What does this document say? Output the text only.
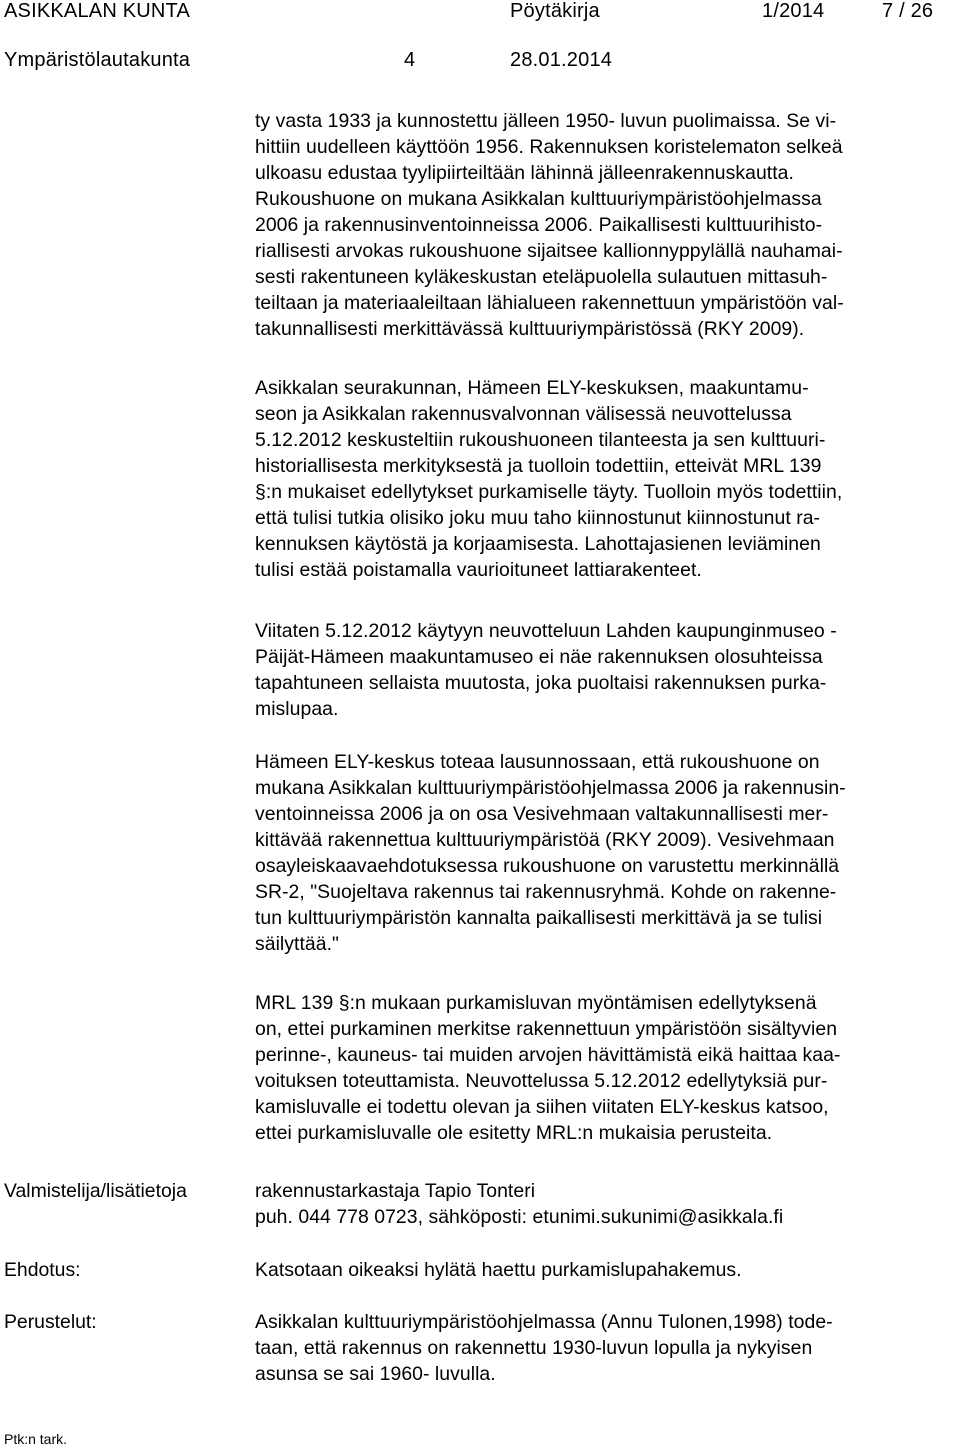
ASIKKALAN KUNTA	Pöytäkirja	1/2014	7 / 26
Ympäristölautakunta	4	28.01.2014
ty vasta 1933 ja kunnostettu jälleen 1950- luvun puolimaissa. Se vi-
hittiin uudelleen käyttöön 1956. Rakennuksen koristelematon selkeä
ulkoasu edustaa tyylipiirteiltään lähinnä jälleenrakennuskautta.
Rukoushuone on mukana Asikkalan kulttuuriympäristöohjelmassa
2006 ja rakennusinventoinneissa 2006. Paikallisesti kulttuurihisto-
riallisesti arvokas rukoushuone sijaitsee kallionnyppylällä nauhamai-
sesti rakentuneen kyläkeskustan eteläpuolella sulautuen mittasuh-
teiltaan ja materiaaleiltaan lähialueen rakennettuun ympäristöön val-
takunnallisesti merkittävässä kulttuuriympäristössä (RKY 2009).
Asikkalan seurakunnan, Hämeen ELY-keskuksen, maakuntamu-
seon ja Asikkalan rakennusvalvonnan välisessä neuvottelussa
5.12.2012 keskusteltiin rukoushuoneen tilanteesta ja sen kulttuuri-
historiallisesta merkityksestä ja tuolloin todettiin, etteivät MRL 139
§:n mukaiset edellytykset purkamiselle täyty. Tuolloin myös todettiin,
että tulisi tutkia olisiko joku muu taho kiinnostunut kiinnostunut ra-
kennuksen käytöstä ja korjaamisesta. Lahottajasienen leviäminen
tulisi estää poistamalla vaurioituneet lattiarakenteet.
Viitaten 5.12.2012 käytyyn neuvotteluun Lahden kaupunginmuseo -
Päijät-Hämeen maakuntamuseo ei näe rakennuksen olosuhteissa
tapahtuneen sellaista muutosta, joka puoltaisi rakennuksen purka-
mislupaa.
Hämeen ELY-keskus toteaa lausunnossaan, että rukoushuone on
mukana Asikkalan kulttuuriympäristöohjelmassa 2006 ja rakennusin-
ventoinneissa 2006 ja on osa Vesivehmaan valtakunnallisesti mer-
kittävää rakennettua kulttuuriympäristöä (RKY 2009). Vesivehmaan
osayleiskaavaehdotuksessa rukoushuone on varustettu merkinnällä
SR-2, "Suojeltava rakennus tai rakennusryhmä. Kohde on rakenne-
tun kulttuuriympäristön kannalta paikallisesti merkittävä ja se tulisi
säilyttää."
MRL 139 §:n mukaan purkamisluvan myöntämisen edellytyksenä
on, ettei purkaminen merkitse rakennettuun ympäristöön sisältyvien
perinne-, kauneus- tai muiden arvojen hävittämistä eikä haittaa kaa-
voituksen toteuttamista. Neuvottelussa 5.12.2012 edellytyksiä pur-
kamisluvalle ei todettu olevan ja siihen viitaten ELY-keskus katsoo,
ettei purkamisluvalle ole esitetty MRL:n mukaisia perusteita.
Valmistelija/lisätietoja	rakennustarkastaja Tapio Tonteri
puh. 044 778 0723, sähköposti: etunimi.sukunimi@asikkala.fi
Ehdotus:	Katsotaan oikeaksi hylätä haettu purkamislupahakemus.
Perustelut:	Asikkalan kulttuuriympäristöohjelmassa (Annu Tulonen,1998) tode-
taan, että rakennus on rakennettu 1930-luvun lopulla ja nykyisen
asunsa se sai 1960- luvulla.
Ptk:n tark.
